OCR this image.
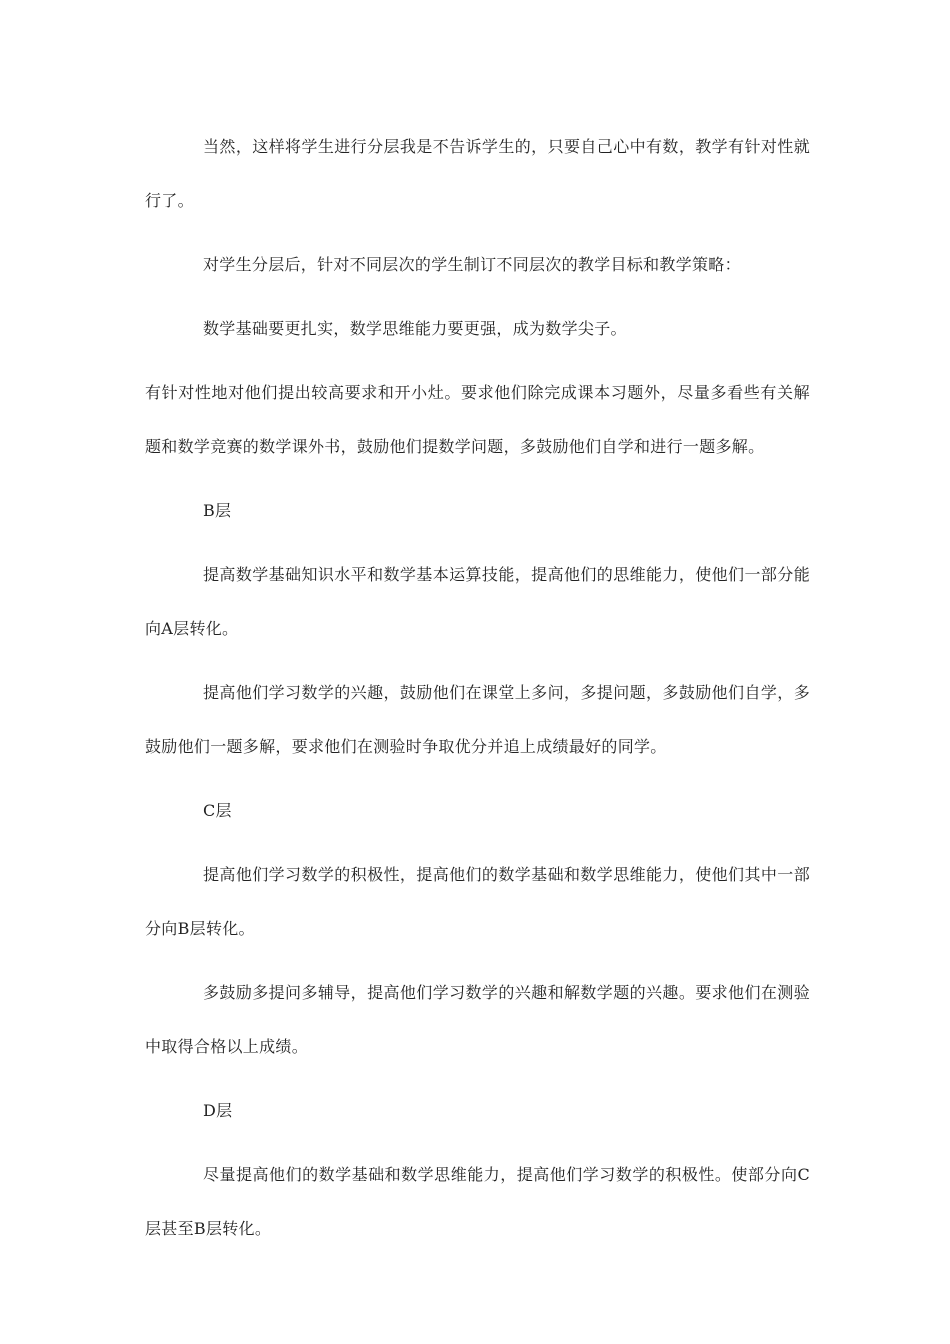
当然，这样将学生进行分层我是不告诉学生的，只要自己心中有数，教学有针对性就行了。

对学生分层后，针对不同层次的学生制订不同层次的教学目标和教学策略：

数学基础要更扎实，数学思维能力要更强，成为数学尖子。

有针对性地对他们提出较高要求和开小灶。要求他们除完成课本习题外，尽量多看些有关解题和数学竞赛的数学课外书，鼓励他们提数学问题，多鼓励他们自学和进行一题多解。

B层

提高数学基础知识水平和数学基本运算技能，提高他们的思维能力，使他们一部分能向A层转化。

提高他们学习数学的兴趣，鼓励他们在课堂上多问，多提问题，多鼓励他们自学，多鼓励他们一题多解，要求他们在测验时争取优分并追上成绩最好的同学。

C层

提高他们学习数学的积极性，提高他们的数学基础和数学思维能力，使他们其中一部分向B层转化。

多鼓励多提问多辅导，提高他们学习数学的兴趣和解数学题的兴趣。要求他们在测验中取得合格以上成绩。

D层

尽量提高他们的数学基础和数学思维能力，提高他们学习数学的积极性。使部分向C层甚至B层转化。
